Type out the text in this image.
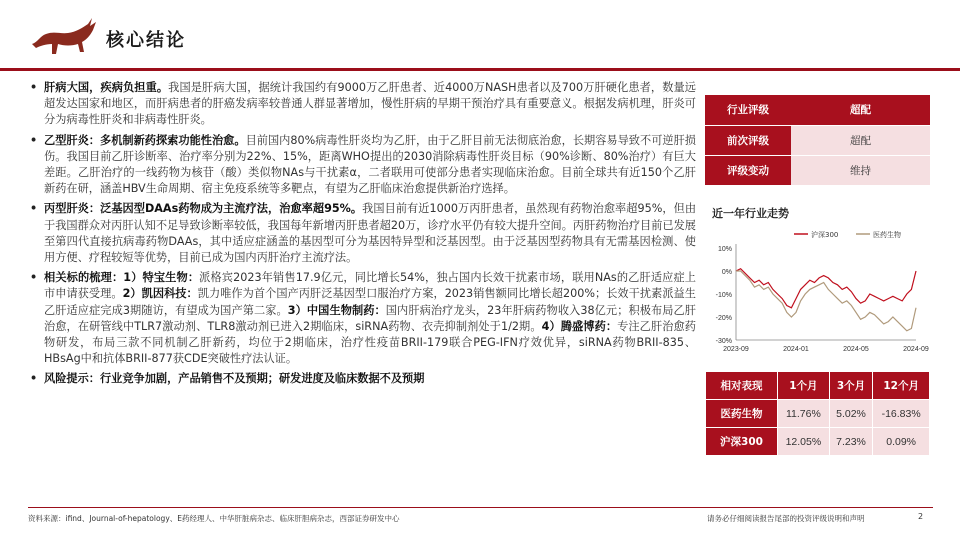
核心结论
• 肝病大国，疾病负担重。我国是肝病大国，据统计我国约有9000万乙肝患者、近4000万NASH患者以及700万肝硬化患者，数量远超发达国家和地区，而肝病患者的肝癌发病率较普通人群显著增加，慢性肝病的早期干预治疗具有重要意义。根据发病机理，肝炎可分为病毒性肝炎和非病毒性肝炎。
• 乙型肝炎：多机制新药探索功能性治愈。目前国内80%病毒性肝炎均为乙肝，由于乙肝目前无法彻底治愈，长期容易导致不可逆肝损伤。我国目前乙肝诊断率、治疗率分别为22%、15%，距离WHO提出的2030消除病毒性肝炎目标（90%诊断、80%治疗）有巨大差距。乙肝治疗的一线药物为核苷（酸）类似物NAs与干扰素α，二者联用可使部分患者实现临床治愈。目前全球共有近150个乙肝新药在研，涵盖HBV生命周期、宿主免疫系统等多靶点，有望为乙肝临床治愈提供新治疗选择。
• 丙型肝炎：泛基因型DAAs药物成为主流疗法，治愈率超95%。我国目前有近1000万丙肝患者，虽然现有药物治愈率超95%，但由于我国群众对丙肝认知不足导致诊断率较低，我国每年新增丙肝患者超20万，诊疗水平仍有较大提升空间。丙肝药物治疗目前已发展至第四代直接抗病毒药物DAAs，其中适应症涵盖的基因型可分为基因特异型和泛基因型。由于泛基因型药物具有无需基因检测、使用方便、疗程较短等优势，目前已成为国内丙肝治疗主流疗法。
• 相关标的梳理：1）特宝生物：派格宾2023年销售17.9亿元，同比增长54%，独占国内长效干扰素市场，联用NAs的乙肝适应症上市申请获受理。2）凯因科技：凯力唯作为首个国产丙肝泛基因型口服治疗方案，2023销售额同比增长超200%；长效干扰素派益生乙肝适应症完成3期随访，有望成为国产第二家。3）中国生物制药：国内肝病治疗龙头，23年肝病药物收入38亿元；积极布局乙肝治愈，在研管线中TLR7激动剂、TLR8激动剂已进入2期临床，siRNA药物、衣壳抑制剂处于1/2期。4）腾盛博药：专注乙肝治愈药物研发，布局三款不同机制乙肝新药，均位于2期临床，治疗性疫苗BRII-179联合PEG-IFN疗效优异，siRNA药物BRII-835、HBsAg中和抗体BRII-877获CDE突破性疗法认证。
• 风险提示：行业竞争加剧，产品销售不及预期；研发进度及临床数据不及预期
行业评级	超配
前次评级	超配
评级变动	维持
近一年行业走势
10%
0%
-10%
-20%
-30%
2023-09	2024-01	2024-05	2024-09
沪深300	医药生物
相对表现	1个月	3个月	12个月
医药生物	11.76%	5.02%	-16.83%
沪深300	12.05%	7.23%	0.09%
资料来源：ifind、Journal-of-hepatology、E药经理人、中华肝脏病杂志、临床肝胆病杂志，西部证券研发中心	请务必仔细阅读报告尾部的投资评级说明和声明	2
